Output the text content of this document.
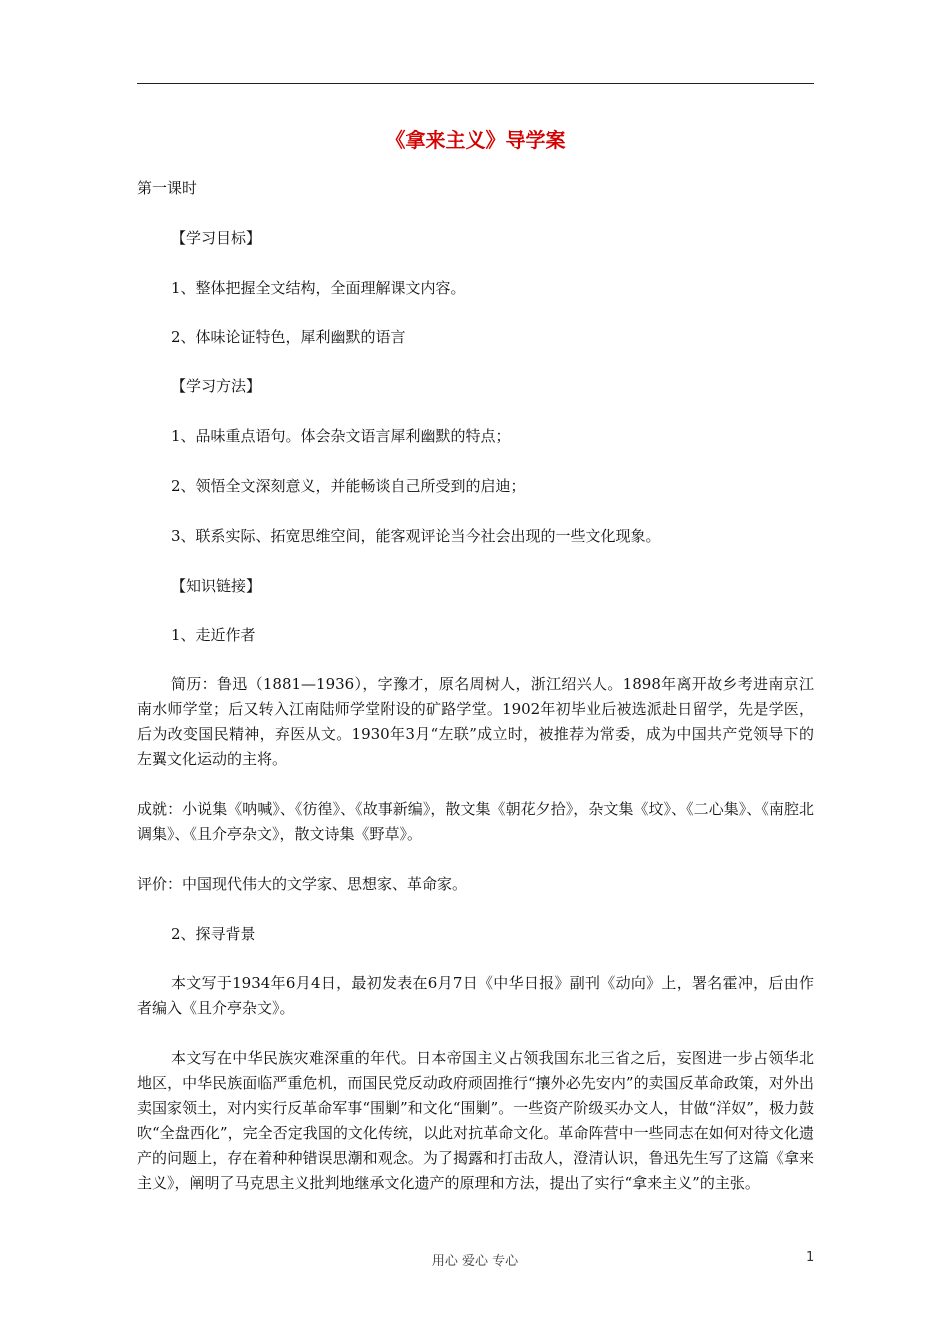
《拿来主义》导学案
第一课时
【学习目标】
1、整体把握全文结构，全面理解课文内容。
2、体味论证特色，犀利幽默的语言
【学习方法】
1、品味重点语句。体会杂文语言犀利幽默的特点；
2、领悟全文深刻意义，并能畅谈自己所受到的启迪；
3、联系实际、拓宽思维空间，能客观评论当今社会出现的一些文化现象。
【知识链接】
1、走近作者
简历：鲁迅（1881—1936），字豫才，原名周树人，浙江绍兴人。1898年离开故乡考进南京江南水师学堂；后又转入江南陆师学堂附设的矿路学堂。1902年初毕业后被选派赴日留学，先是学医，后为改变国民精神，弃医从文。1930年3月“左联”成立时，被推荐为常委，成为中国共产党领导下的左翼文化运动的主将。
成就：小说集《呐喊》、《彷徨》、《故事新编》，散文集《朝花夕拾》，杂文集《坟》、《二心集》、《南腔北调集》、《且介亭杂文》，散文诗集《野草》。
评价：中国现代伟大的文学家、思想家、革命家。
2、探寻背景
本文写于1934年6月4日，最初发表在6月7日《中华日报》副刊《动向》上，署名霍冲，后由作者编入《且介亭杂文》。
本文写在中华民族灾难深重的年代。日本帝国主义占领我国东北三省之后，妄图进一步占领华北地区，中华民族面临严重危机，而国民党反动政府顽固推行“攘外必先安内”的卖国反革命政策，对外出卖国家领土，对内实行反革命军事“围剿”和文化“围剿”。一些资产阶级买办文人，甘做“洋奴”，极力鼓吹“全盘西化”，完全否定我国的文化传统，以此对抗革命文化。革命阵营中一些同志在如何对待文化遗产的问题上，存在着种种错误思潮和观念。为了揭露和打击敌人，澄清认识，鲁迅先生写了这篇《拿来主义》，阐明了马克思主义批判地继承文化遗产的原理和方法，提出了实行“拿来主义”的主张。
用心 爱心 专心	1
